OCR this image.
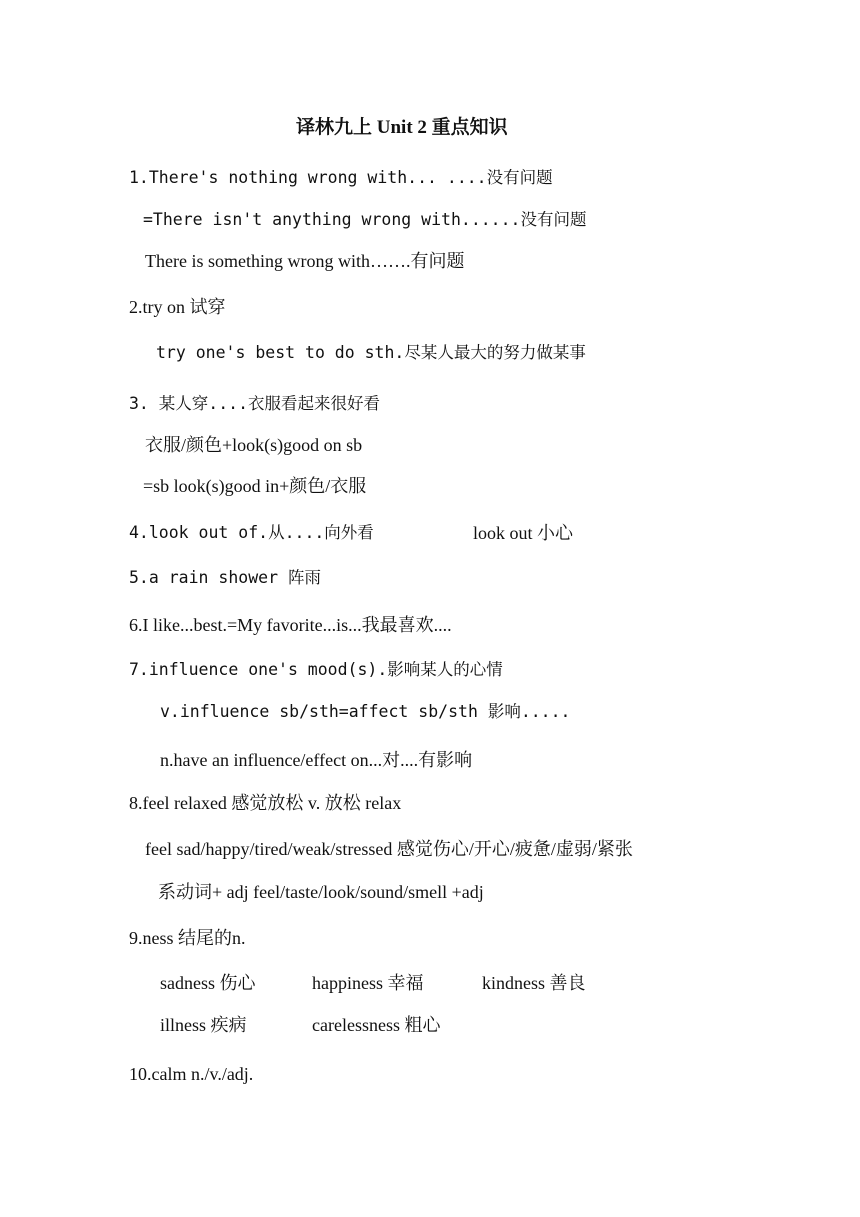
译林九上 Unit 2 重点知识
1.There's nothing wrong with... ....没有问题
=There isn't anything wrong with......没有问题
There is something wrong with…….有问题
2.try on 试穿
try one's best to do sth.尽某人最大的努力做某事
3. 某人穿....衣服看起来很好看
衣服/颜色+look(s)good on sb
=sb look(s)good in+颜色/衣服
4.look out of.从....向外看	look out 小心
5.a rain shower 阵雨
6.I like...best.=My favorite...is...我最喜欢....
7.influence one's mood(s).影响某人的心情
v.influence sb/sth=affect sb/sth 影响.....
n.have an influence/effect on...对....有影响
8.feel relaxed 感觉放松 v. 放松 relax
feel sad/happy/tired/weak/stressed 感觉伤心/开心/疲惫/虚弱/紧张
系动词+ adj feel/taste/look/sound/smell +adj
9.ness 结尾的n.
sadness 伤心	happiness 幸福	kindness 善良
illness 疾病	carelessness 粗心
10.calm n./v./adj.
